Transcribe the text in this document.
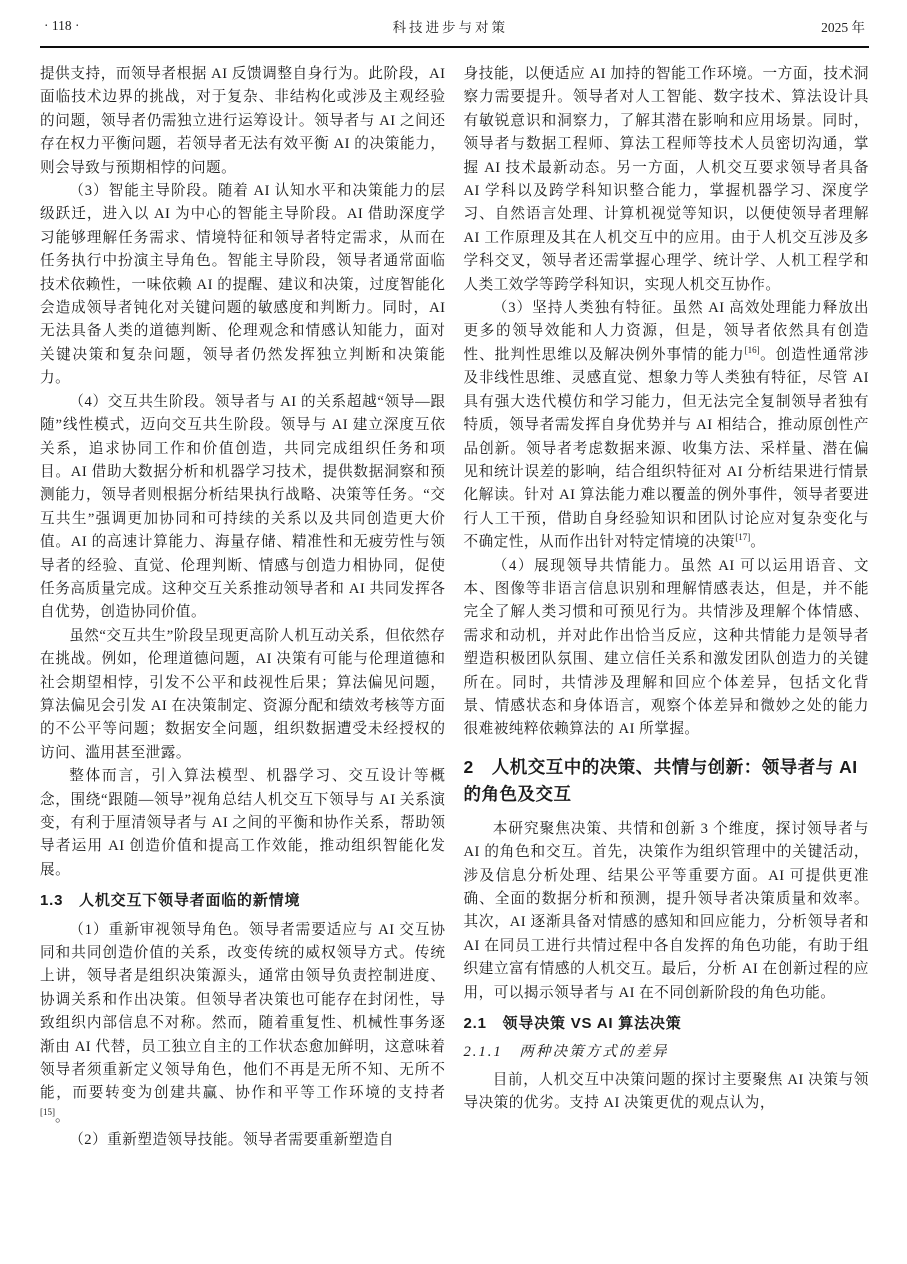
· 118 ·	科技进步与对策	2025 年

提供支持，而领导者根据 AI 反馈调整自身行为。此阶段，AI 面临技术边界的挑战，对于复杂、非结构化或涉及主观经验的问题，领导者仍需独立进行运筹设计。领导者与 AI 之间还存在权力平衡问题，若领导者无法有效平衡 AI 的决策能力，则会导致与预期相悖的问题。

（3）智能主导阶段。随着 AI 认知水平和决策能力的层级跃迁，进入以 AI 为中心的智能主导阶段。AI 借助深度学习能够理解任务需求、情境特征和领导者特定需求，从而在任务执行中扮演主导角色。智能主导阶段，领导者通常面临技术依赖性，一味依赖 AI 的提醒、建议和决策，过度智能化会造成领导者钝化对关键问题的敏感度和判断力。同时，AI 无法具备人类的道德判断、伦理观念和情感认知能力，面对关键决策和复杂问题，领导者仍然发挥独立判断和决策能力。

（4）交互共生阶段。领导者与 AI 的关系超越“领导—跟随”线性模式，迈向交互共生阶段。领导与 AI 建立深度互依关系，追求协同工作和价值创造，共同完成组织任务和项目。AI 借助大数据分析和机器学习技术，提供数据洞察和预测能力，领导者则根据分析结果执行战略、决策等任务。“交互共生”强调更加协同和可持续的关系以及共同创造更大价值。AI 的高速计算能力、海量存储、精准性和无疲劳性与领导者的经验、直觉、伦理判断、情感与创造力相协同，促使任务高质量完成。这种交互关系推动领导者和 AI 共同发挥各自优势，创造协同价值。

虽然“交互共生”阶段呈现更高阶人机互动关系，但依然存在挑战。例如，伦理道德问题，AI 决策有可能与伦理道德和社会期望相悖，引发不公平和歧视性后果；算法偏见问题，算法偏见会引发 AI 在决策制定、资源分配和绩效考核等方面的不公平等问题；数据安全问题，组织数据遭受未经授权的访问、滥用甚至泄露。

整体而言，引入算法模型、机器学习、交互设计等概念，围绕“跟随—领导”视角总结人机交互下领导与 AI 关系演变，有利于厘清领导者与 AI 之间的平衡和协作关系，帮助领导者运用 AI 创造价值和提高工作效能，推动组织智能化发展。

1.3　人机交互下领导者面临的新情境

（1）重新审视领导角色。领导者需要适应与 AI 交互协同和共同创造价值的关系，改变传统的威权领导方式。传统上讲，领导者是组织决策源头，通常由领导负责控制进度、协调关系和作出决策。但领导者决策也可能存在封闭性，导致组织内部信息不对称。然而，随着重复性、机械性事务逐渐由 AI 代替，员工独立自主的工作状态愈加鲜明，这意味着领导者须重新定义领导角色，他们不再是无所不知、无所不能，而要转变为创建共赢、协作和平等工作环境的支持者[15]。

（2）重新塑造领导技能。领导者需要重新塑造自

身技能，以便适应 AI 加持的智能工作环境。一方面，技术洞察力需要提升。领导者对人工智能、数字技术、算法设计具有敏锐意识和洞察力，了解其潜在影响和应用场景。同时，领导者与数据工程师、算法工程师等技术人员密切沟通，掌握 AI 技术最新动态。另一方面，人机交互要求领导者具备 AI 学科以及跨学科知识整合能力，掌握机器学习、深度学习、自然语言处理、计算机视觉等知识，以便使领导者理解 AI 工作原理及其在人机交互中的应用。由于人机交互涉及多学科交叉，领导者还需掌握心理学、统计学、人机工程学和人类工效学等跨学科知识，实现人机交互协作。

（3）坚持人类独有特征。虽然 AI 高效处理能力释放出更多的领导效能和人力资源，但是，领导者依然具有创造性、批判性思维以及解决例外事情的能力[16]。创造性通常涉及非线性思维、灵感直觉、想象力等人类独有特征，尽管 AI 具有强大迭代模仿和学习能力，但无法完全复制领导者独有特质，领导者需发挥自身优势并与 AI 相结合，推动原创性产品创新。领导者考虑数据来源、收集方法、采样量、潜在偏见和统计误差的影响，结合组织特征对 AI 分析结果进行情景化解读。针对 AI 算法能力难以覆盖的例外事件，领导者要进行人工干预，借助自身经验知识和团队讨论应对复杂变化与不确定性，从而作出针对特定情境的决策[17]。

（4）展现领导共情能力。虽然 AI 可以运用语音、文本、图像等非语言信息识别和理解情感表达，但是，并不能完全了解人类习惯和可预见行为。共情涉及理解个体情感、需求和动机，并对此作出恰当反应，这种共情能力是领导者塑造积极团队氛围、建立信任关系和激发团队创造力的关键所在。同时，共情涉及理解和回应个体差异，包括文化背景、情感状态和身体语言，观察个体差异和微妙之处的能力很难被纯粹依赖算法的 AI 所掌握。

2　人机交互中的决策、共情与创新：领导者与 AI 的角色及交互

本研究聚焦决策、共情和创新 3 个维度，探讨领导者与 AI 的角色和交互。首先，决策作为组织管理中的关键活动，涉及信息分析处理、结果公平等重要方面。AI 可提供更准确、全面的数据分析和预测，提升领导者决策质量和效率。其次，AI 逐渐具备对情感的感知和回应能力，分析领导者和 AI 在同员工进行共情过程中各自发挥的角色功能，有助于组织建立富有情感的人机交互。最后，分析 AI 在创新过程的应用，可以揭示领导者与 AI 在不同创新阶段的角色功能。

2.1　领导决策 VS AI 算法决策
2.1.1　两种决策方式的差异

目前，人机交互中决策问题的探讨主要聚焦 AI 决策与领导决策的优劣。支持 AI 决策更优的观点认为，
